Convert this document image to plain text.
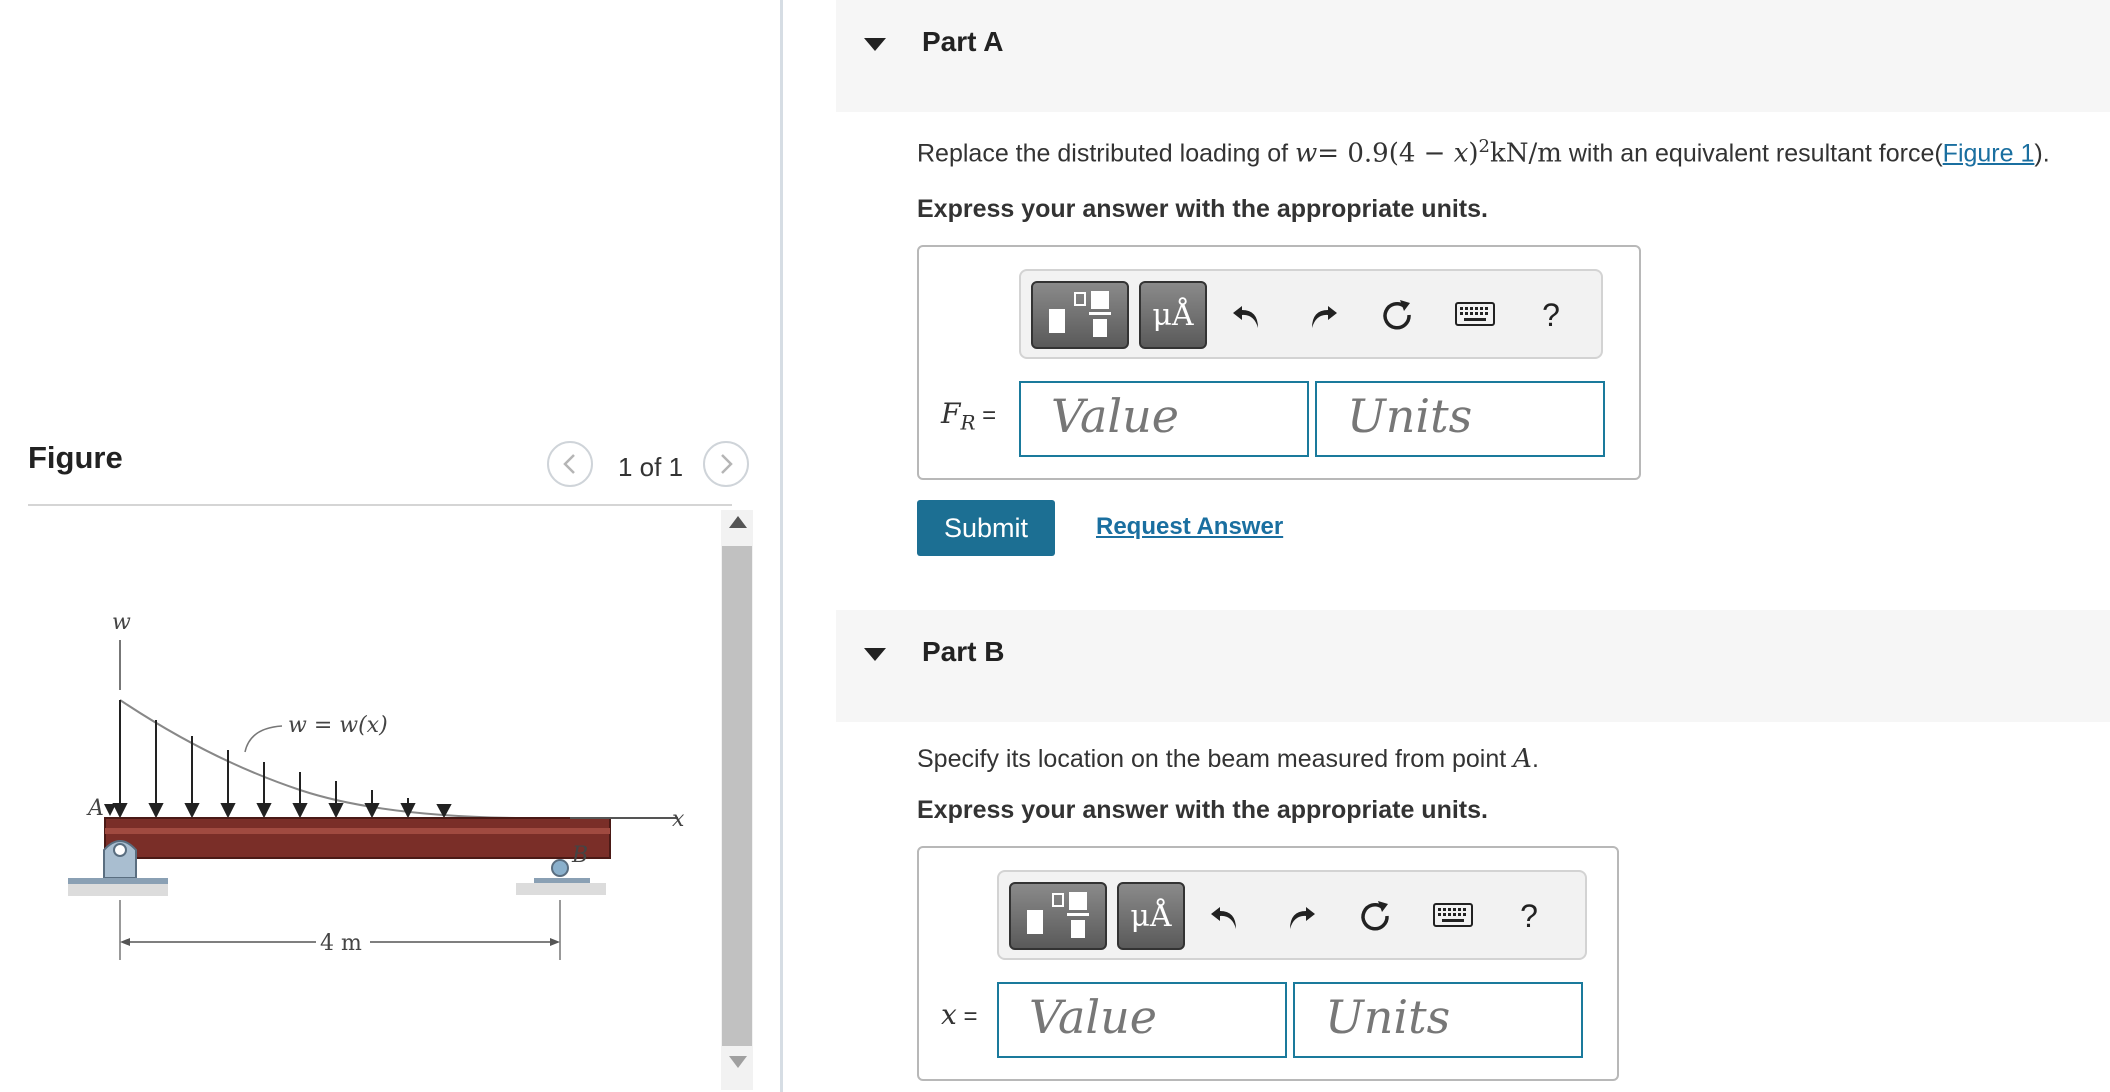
Figure	1 of 1
w
w = w(x)
A	x
B
4 m
Part A
Replace the distributed loading of $w= 0.9(4 - x)^2kN/m$ with an equivalent resultant force(Figure 1).
Express your answer with the appropriate units.
μÅ	?
$F_R$ =	Value	Units
Submit	Request Answer
Part B
Specify its location on the beam measured from point A.
Express your answer with the appropriate units.
μÅ	?
x =	Value	Units
